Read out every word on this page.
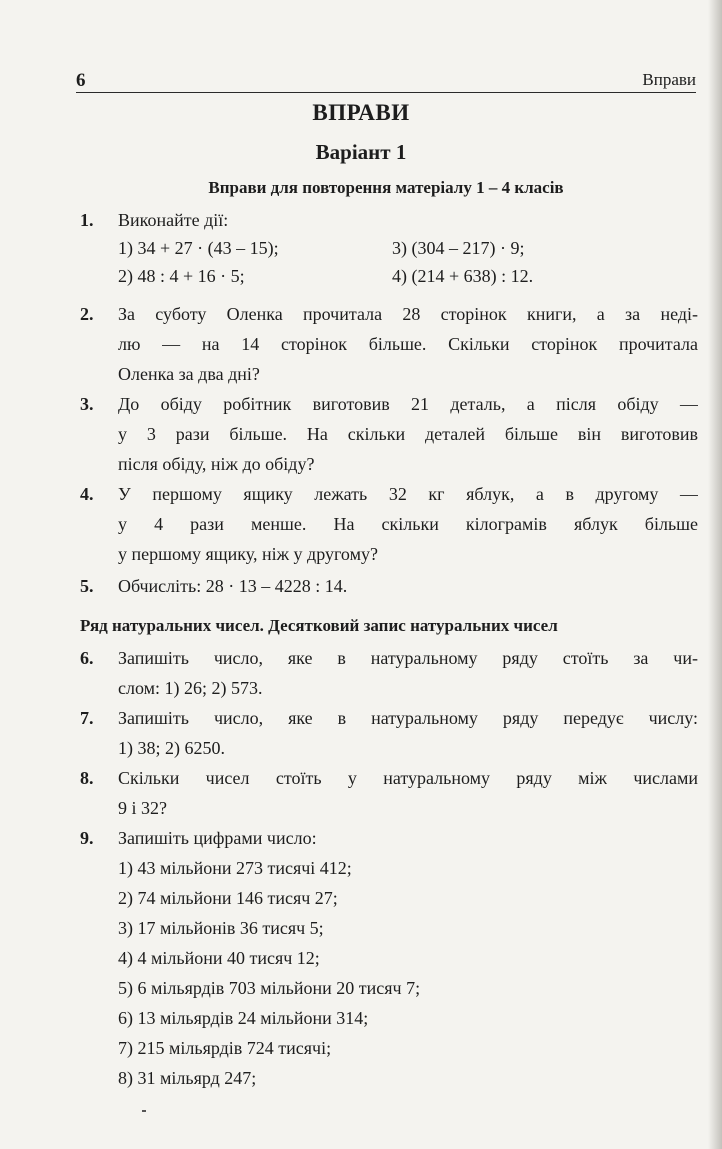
6	Вправи
ВПРАВИ
Варіант 1
Вправи для повторення матеріалу 1 – 4 класів
1. Виконайте дії:
1) 34 + 27 · (43 – 15);
2) 48 : 4 + 16 · 5;
3) (304 – 217) · 9;
4) (214 + 638) : 12.
2. За суботу Оленка прочитала 28 сторінок книги, а за неді-
лю — на 14 сторінок більше. Скільки сторінок прочитала
Оленка за два дні?
3. До обіду робітник виготовив 21 деталь, а після обіду —
у 3 рази більше. На скільки деталей більше він виготовив
після обіду, ніж до обіду?
4. У першому ящику лежать 32 кг яблук, а в другому —
у 4 рази менше. На скільки кілограмів яблук більше
у першому ящику, ніж у другому?
5. Обчисліть: 28 · 13 – 4228 : 14.
Ряд натуральних чисел. Десятковий запис натуральних чисел
6. Запишіть число, яке в натуральному ряду стоїть за чи-
слом: 1) 26; 2) 573.
7. Запишіть число, яке в натуральному ряду передує числу:
1) 38; 2) 6250.
8. Скільки чисел стоїть у натуральному ряду між числами
9 і 32?
9. Запишіть цифрами число:
1) 43 мільйони 273 тисячі 412;
2) 74 мільйони 146 тисяч 27;
3) 17 мільйонів 36 тисяч 5;
4) 4 мільйони 40 тисяч 12;
5) 6 мільярдів 703 мільйони 20 тисяч 7;
6) 13 мільярдів 24 мільйони 314;
7) 215 мільярдів 724 тисячі;
8) 31 мільярд 247;
